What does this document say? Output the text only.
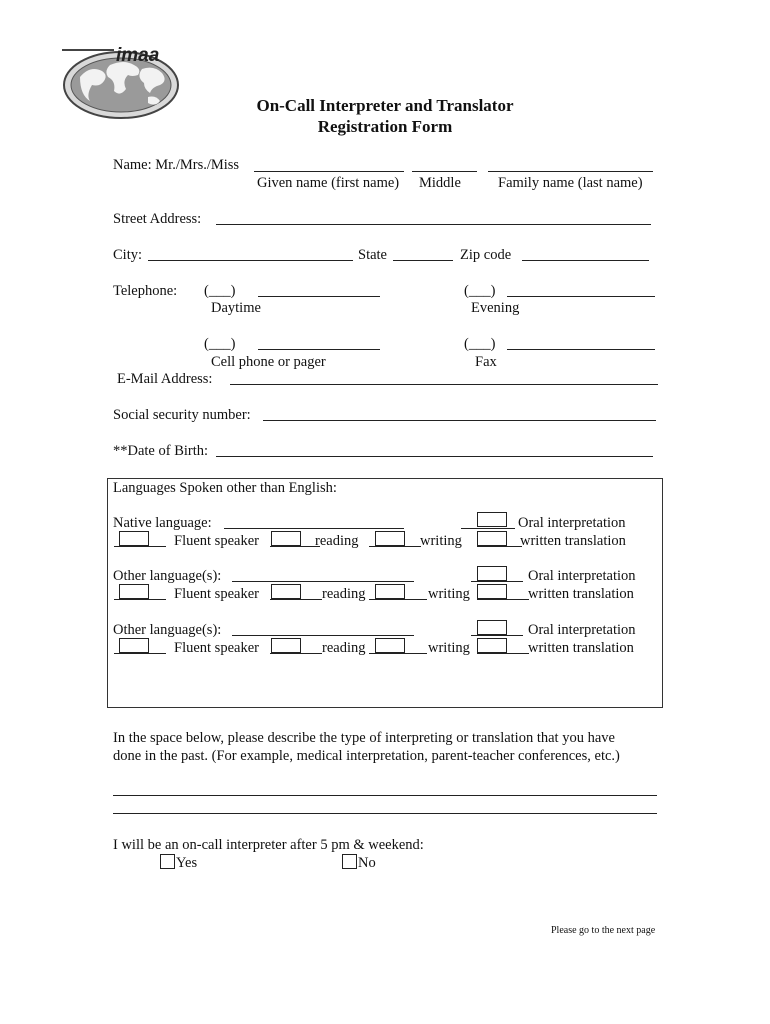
imaa
On-Call Interpreter and Translator
Registration Form
Name: Mr./Mrs./Miss
Given name (first name) Middle	Family name (last name)
Street Address:
City:	State	Zip code
Telephone: (___)
Daytime
(___)
Evening
(___)
Cell phone or pager
(___)
Fax
E-Mail Address:
Social security number:
**Date of Birth:
Languages Spoken other than English:
Native language:	Oral interpretation
Fluent speaker	reading	writing	written translation
Other language(s):	Oral interpretation
Fluent speaker	reading	writing	written translation
Other language(s):	Oral interpretation
Fluent speaker	reading	writing	written translation
In the space below, please describe the type of interpreting or translation that you have
done in the past. (For example, medical interpretation, parent-teacher conferences, etc.)
I will be an on-call interpreter after 5 pm & weekend:
Yes	No
Please go to the next page
